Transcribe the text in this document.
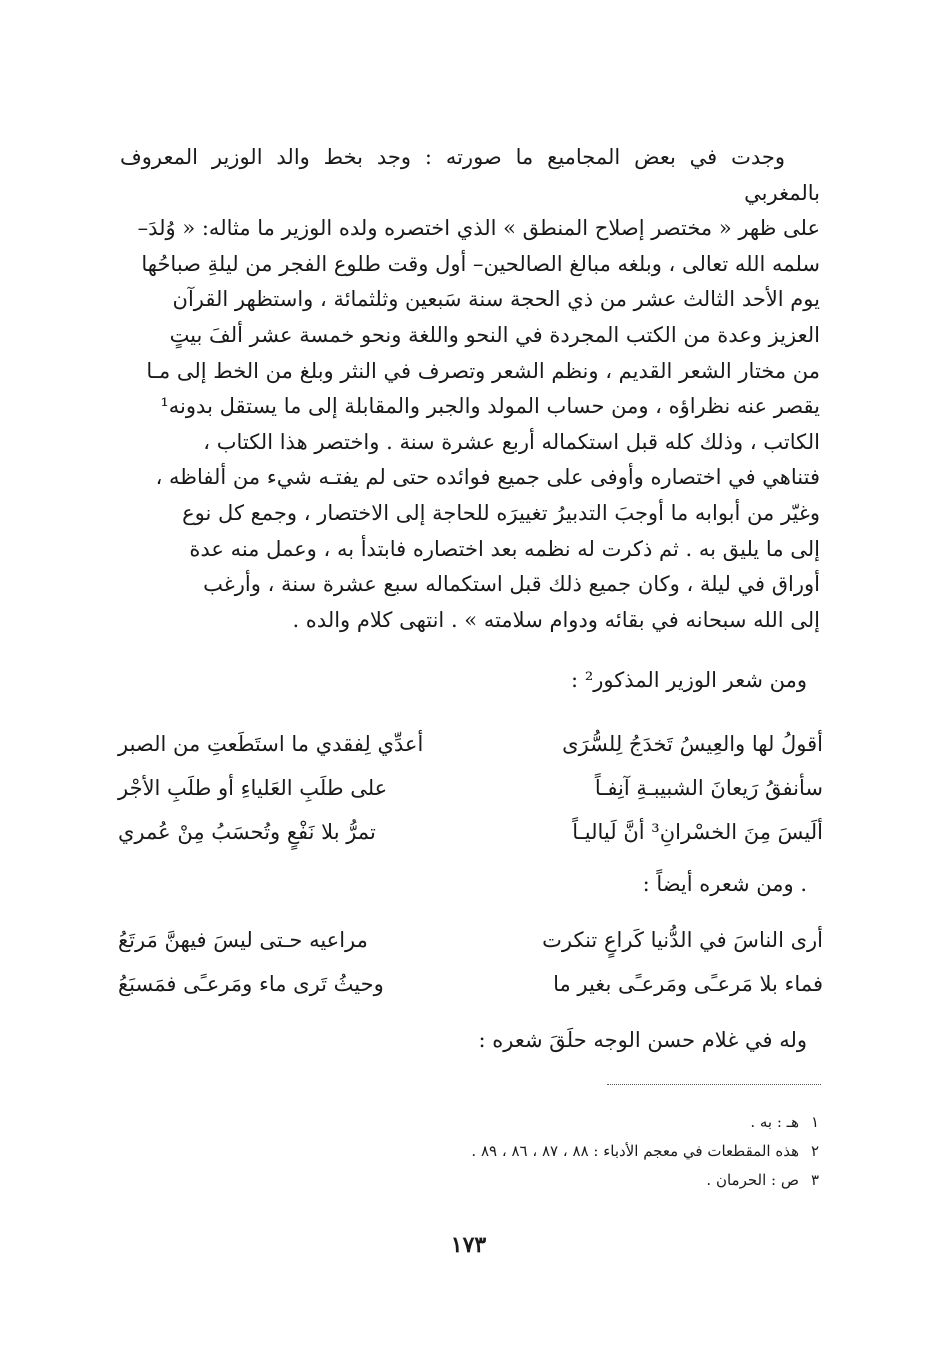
وجدت في بعض المجاميع ما صورته : وجد بخط والد الوزير المعروف بالمغربي

على ظهر « مختصر إصلاح المنطق » الذي اختصره ولده الوزير ما مثاله: « وُلدَ–

سلمه الله تعالى ، وبلغه مبالغ الصالحين– أول وقت طلوع الفجر من ليلةِ صباحُها

يوم الأحد الثالث عشر من ذي الحجة سنة سَبعين وثلثمائة ، واستظهر القرآن

العزيز وعدة من الكتب المجردة في النحو واللغة ونحو خمسة عشر ألفَ بيتٍ

من مختار الشعر القديم ، ونظم الشعر وتصرف في النثر وبلغ من الخط إلى مـا

يقصر عنه نظراؤه ، ومن حساب المولد والجبر والمقابلة إلى ما يستقل بدونه¹

الكاتب ، وذلك كله قبل استكماله أربع عشرة سنة . واختصر هذا الكتاب ،

فتناهي في اختصاره وأوفى على جميع فوائده حتى لم يفتـه شيء من ألفاظه ،

وغيّر من أبوابه ما أوجبَ التدبيرُ تغييرَه للحاجة إلى الاختصار ، وجمع كل نوع

إلى ما يليق به . ثم ذكرت له نظمه بعد اختصاره فابتدأ به ، وعمل منه عدة

أوراق في ليلة ، وكان جميع ذلك قبل استكماله سبع عشرة سنة ، وأرغب

إلى الله سبحانه في بقائه ودوام سلامته » . انتهى كلام والده .

ومن شعر الوزير المذكور² :
أقولُ لها والعِيسُ تَخدَجُ لِلسُّرَى
أعدِّي لِفقدي ما استَطَعتِ من الصبر
سأنفقُ رَيعانَ الشبيبـةِ آنِفـاً
على طلَبِ العَلياءِ أو طلَبِ الأجْر
ألَيسَ مِنَ الخسْرانِ³ أنَّ لَياليـاً
تمرُّ بلا نَفْعٍ وتُحسَبُ مِنْ عُمري
. ومن شعره أيضاً :
أرى الناسَ في الدُّنيا كَراعٍ تنكرت
مراعيه حـتى ليسَ فيهنَّ مَرتَعُ
فماء بلا مَرعـًى ومَرعـًى بغير ما
وحيثُ تَرى ماء ومَرعـًى فمَسبَعُ
وله في غلام حسن الوجه حلَقَ شعره :
١
هـ : به .
٢
هذه المقطعات في معجم الأدباء : ٨٨ ، ٨٧ ، ٨٦ ، ٨٩ .
٣
ص : الحرمان .
١٧٣
